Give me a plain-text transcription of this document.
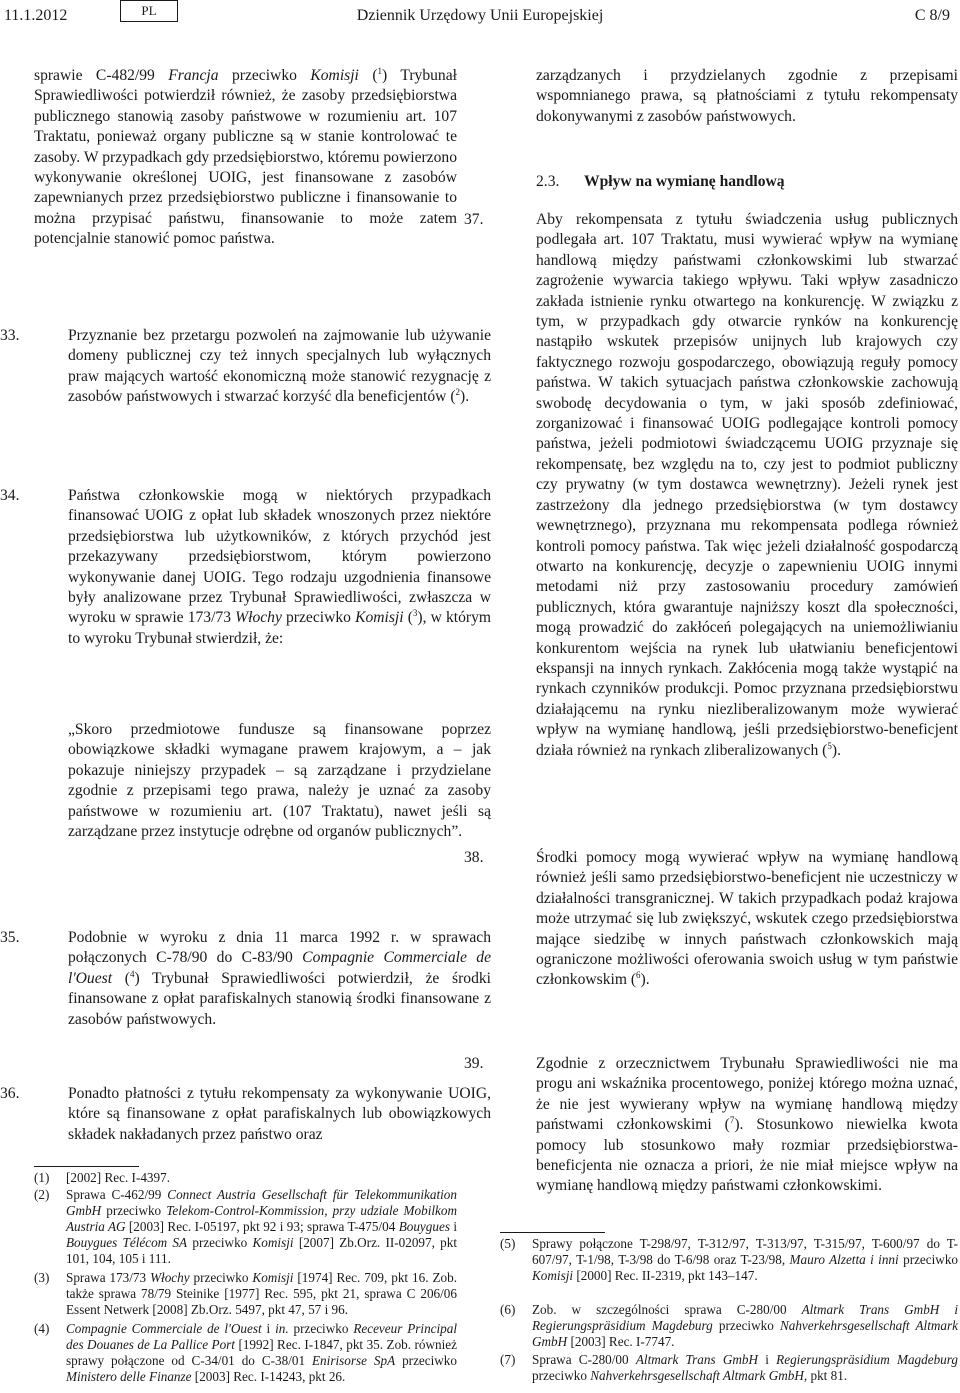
11.1.2012	PL	Dziennik Urzędowy Unii Europejskiej	C 8/9

sprawie C-482/99 Francja przeciwko Komisji ($^1$) Trybunał Sprawiedliwości potwierdził również, że zasoby przedsiębiorstwa publicznego stanowią zasoby państwowe w rozumieniu art. 107 Traktatu, ponieważ organy publiczne są w stanie kontrolować te zasoby. W przypadkach gdy przedsiębiorstwo, któremu powierzono wykonywanie określonej UOIG, jest finansowane z zasobów zapewnianych przez przedsiębiorstwo publiczne i finansowanie to można przypisać państwu, finansowanie to może zatem potencjalnie stanowić pomoc państwa.

33.	Przyznanie bez przetargu pozwoleń na zajmowanie lub używanie domeny publicznej czy też innych specjalnych lub wyłącznych praw mających wartość ekonomiczną może stanowić rezygnację z zasobów państwowych i stwarzać korzyść dla beneficjentów ($^2$).

34.	Państwa członkowskie mogą w niektórych przypadkach finansować UOIG z opłat lub składek wnoszonych przez niektóre przedsiębiorstwa lub użytkowników, z których przychód jest przekazywany przedsiębiorstwom, którym powierzono wykonywanie danej UOIG. Tego rodzaju uzgodnienia finansowe były analizowane przez Trybunał Sprawiedliwości, zwłaszcza w wyroku w sprawie 173/73 Włochy przeciwko Komisji ($^3$), w którym to wyroku Trybunał stwierdził, że:

„Skoro przedmiotowe fundusze są finansowane poprzez obowiązkowe składki wymagane prawem krajowym, a – jak pokazuje niniejszy przypadek – są zarządzane i przydzielane zgodnie z przepisami tego prawa, należy je uznać za zasoby państwowe w rozumieniu art. (107 Traktatu), nawet jeśli są zarządzane przez instytucje odrębne od organów publicznych”.

35.	Podobnie w wyroku z dnia 11 marca 1992 r. w sprawach połączonych C-78/90 do C-83/90 Compagnie Commerciale de l'Ouest ($^4$) Trybunał Sprawiedliwości potwierdził, że środki finansowane z opłat parafiskalnych stanowią środki finansowane z zasobów państwowych.

36.	Ponadto płatności z tytułu rekompensaty za wykonywanie UOIG, które są finansowane z opłat parafiskalnych lub obowiązkowych składek nakładanych przez państwo oraz

(1) [2002] Rec. I-4397.
(2) Sprawa C-462/99 Connect Austria Gesellschaft für Telekommunikation GmbH przeciwko Telekom-Control-Kommission, przy udziale Mobilkom Austria AG [2003] Rec. I-05197, pkt 92 i 93; sprawa T-475/04 Bouygues i Bouygues Télécom SA przeciwko Komisji [2007] Zb.Orz. II-02097, pkt 101, 104, 105 i 111.
(3) Sprawa 173/73 Włochy przeciwko Komisji [1974] Rec. 709, pkt 16. Zob. także sprawa 78/79 Steinike [1977] Rec. 595, pkt 21, sprawa C 206/06 Essent Netwerk [2008] Zb.Orz. 5497, pkt 47, 57 i 96.
(4) Compagnie Commerciale de l'Ouest i in. przeciwko Receveur Principal des Douanes de La Pallice Port [1992] Rec. I-1847, pkt 35. Zob. również sprawy połączone od C-34/01 do C-38/01 Enirisorse SpA przeciwko Ministero delle Finanze [2003] Rec. I-14243, pkt 26.

zarządzanych i przydzielanych zgodnie z przepisami wspomnianego prawa, są płatnościami z tytułu rekompensaty dokonywanymi z zasobów państwowych.

2.3. Wpływ na wymianę handlową

37.	Aby rekompensata z tytułu świadczenia usług publicznych podlegała art. 107 Traktatu, musi wywierać wpływ na wymianę handlową między państwami członkowskimi lub stwarzać zagrożenie wywarcia takiego wpływu. Taki wpływ zasadniczo zakłada istnienie rynku otwartego na konkurencję. W związku z tym, w przypadkach gdy otwarcie rynków na konkurencję nastąpiło wskutek przepisów unijnych lub krajowych czy faktycznego rozwoju gospodarczego, obowiązują reguły pomocy państwa. W takich sytuacjach państwa członkowskie zachowują swobodę decydowania o tym, w jaki sposób zdefiniować, zorganizować i finansować UOIG podlegające kontroli pomocy państwa, jeżeli podmiotowi świadczącemu UOIG przyznaje się rekompensatę, bez względu na to, czy jest to podmiot publiczny czy prywatny (w tym dostawca wewnętrzny). Jeżeli rynek jest zastrzeżony dla jednego przedsiębiorstwa (w tym dostawcy wewnętrznego), przyznana mu rekompensata podlega również kontroli pomocy państwa. Tak więc jeżeli działalność gospodarczą otwarto na konkurencję, decyzje o zapewnieniu UOIG innymi metodami niż przy zastosowaniu procedury zamówień publicznych, która gwarantuje najniższy koszt dla społeczności, mogą prowadzić do zakłóceń polegających na uniemożliwianiu konkurentom wejścia na rynek lub ułatwianiu beneficjentowi ekspansji na innych rynkach. Zakłócenia mogą także wystąpić na rynkach czynników produkcji. Pomoc przyznana przedsiębiorstwu działającemu na rynku niezliberalizowanym może wywierać wpływ na wymianę handlową, jeśli przedsiębiorstwo-beneficjent działa również na rynkach zliberalizowanych ($^5$).

38.	Środki pomocy mogą wywierać wpływ na wymianę handlową również jeśli samo przedsiębiorstwo-beneficjent nie uczestniczy w działalności transgranicznej. W takich przypadkach podaż krajowa może utrzymać się lub zwiększyć, wskutek czego przedsiębiorstwa mające siedzibę w innych państwach członkowskich mają ograniczone możliwości oferowania swoich usług w tym państwie członkowskim ($^6$).

39.	Zgodnie z orzecznictwem Trybunału Sprawiedliwości nie ma progu ani wskaźnika procentowego, poniżej którego można uznać, że nie jest wywierany wpływ na wymianę handlową między państwami członkowskimi ($^7$). Stosunkowo niewielka kwota pomocy lub stosunkowo mały rozmiar przedsiębiorstwa-beneficjenta nie oznacza a priori, że nie miał miejsce wpływ na wymianę handlową między państwami członkowskimi.

(5) Sprawy połączone T-298/97, T-312/97, T-313/97, T-315/97, T-600/97 do T-607/97, T-1/98, T-3/98 do T-6/98 oraz T-23/98, Mauro Alzetta i inni przeciwko Komisji [2000] Rec. II-2319, pkt 143–147.
(6) Zob. w szczególności sprawa C-280/00 Altmark Trans GmbH i Regierungspräsidium Magdeburg przeciwko Nahverkehrsgesellschaft Altmark GmbH [2003] Rec. I-7747.
(7) Sprawa C-280/00 Altmark Trans GmbH i Regierungspräsidium Magdeburg przeciwko Nahverkehrsgesellschaft Altmark GmbH, pkt 81.
